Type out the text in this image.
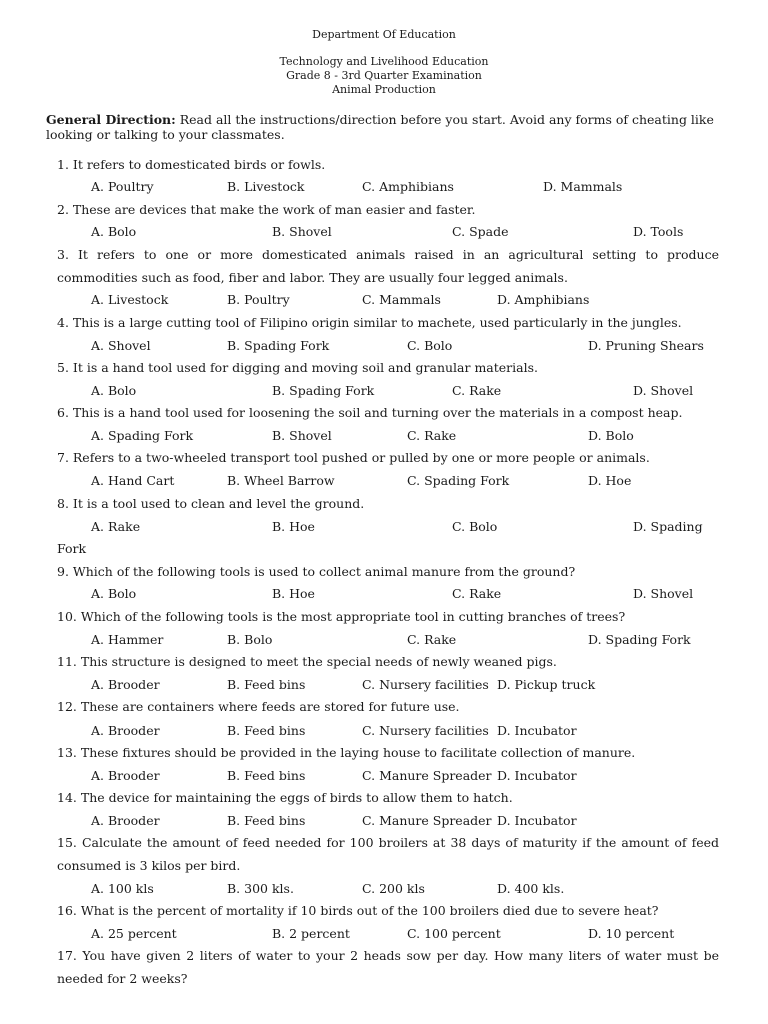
Department Of Education
Technology and Livelihood Education
Grade 8 - 3rd Quarter Examination
Animal Production
General Direction: Read all the instructions/direction before you start. Avoid any forms of cheating like looking or talking to your classmates.

1. It refers to domesticated birds or fowls.

A. Poultry	B. Livestock	C. Amphibians	D. Mammals

2. These are devices that make the work of man easier and faster.

A. Bolo	B. Shovel	C. Spade	D. Tools

3. It refers to one or more domesticated animals raised in an agricultural setting to produce commodities such as food, fiber and labor. They are usually four legged animals.

A. Livestock	B. Poultry	C. Mammals	D. Amphibians

4. This is a large cutting tool of Filipino origin similar to machete, used particularly in the jungles.

A. Shovel	B. Spading Fork	C. Bolo	D. Pruning Shears

5. It is a hand tool used for digging and moving soil and granular materials.

A. Bolo	B. Spading Fork	C. Rake	D. Shovel

6. This is a hand tool used for loosening the soil and turning over the materials in a compost heap.

A. Spading Fork	B. Shovel	C. Rake	D. Bolo

7. Refers to a two-wheeled transport tool pushed or pulled by one or more people or animals.

A. Hand Cart	B. Wheel Barrow	C. Spading Fork	D. Hoe

8. It is a tool used to clean and level the ground.

A. Rake	B. Hoe	C. Bolo	D. Spading
Fork

9. Which of the following tools is used to collect animal manure from the ground?

A. Bolo	B. Hoe	C. Rake	D. Shovel

10. Which of the following tools is the most appropriate tool in cutting branches of trees?

A. Hammer	B. Bolo	C. Rake	D. Spading Fork

11. This structure is designed to meet the special needs of newly weaned pigs.

A. Brooder	B. Feed bins	C. Nursery facilities D. Pickup truck

12. These are containers where feeds are stored for future use.

A. Brooder	B. Feed bins	C. Nursery facilities D. Incubator

13. These fixtures should be provided in the laying house to facilitate collection of manure.

A. Brooder	B. Feed bins	C. Manure Spreader D. Incubator

14. The device for maintaining the eggs of birds to allow them to hatch.

A. Brooder	B. Feed bins	C. Manure Spreader D. Incubator

15. Calculate the amount of feed needed for 100 broilers at 38 days of maturity if the amount of feed consumed is 3 kilos per bird.

A. 100 kls	B. 300 kls.	C. 200 kls	D. 400 kls.

16. What is the percent of mortality if 10 birds out of the 100 broilers died due to severe heat?

A. 25 percent	B. 2 percent	C. 100 percent	D. 10 percent

17. You have given 2 liters of water to your 2 heads sow per day. How many liters of water must be needed for 2 weeks?
